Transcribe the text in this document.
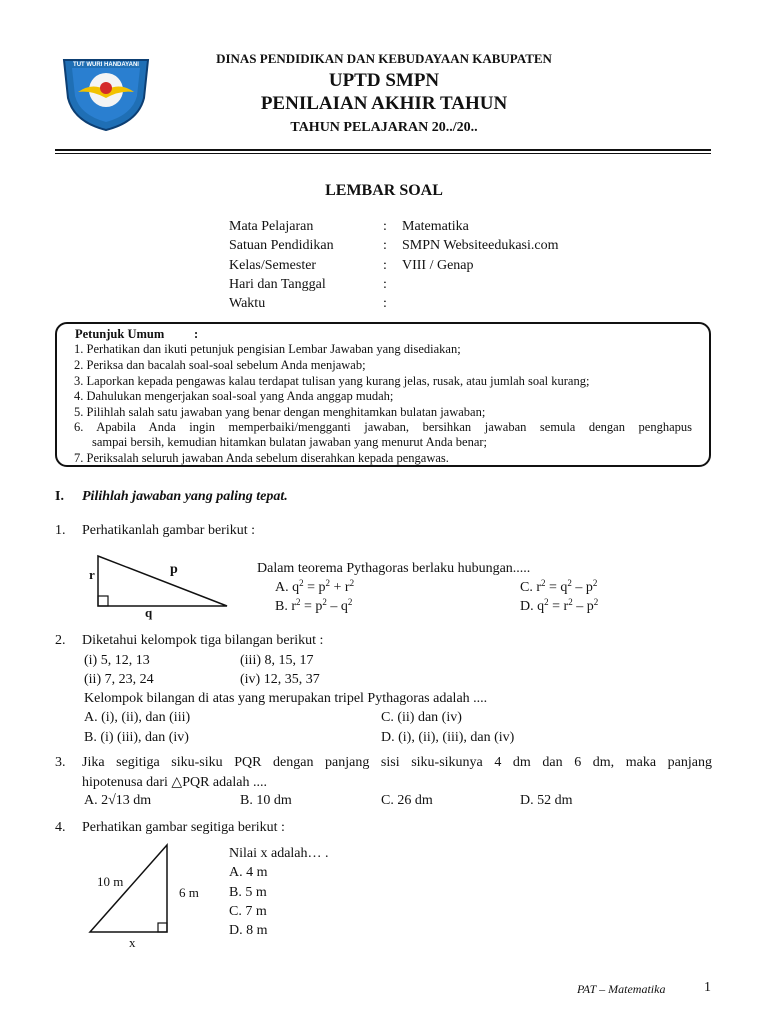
TUT WURI HANDAYANI	DINAS PENDIDIKAN DAN KEBUDAYAAN KABUPATEN
UPTD SMPN
PENILAIAN AKHIR TAHUN
TAHUN PELAJARAN 20../20..
LEMBAR SOAL
Mata Pelajaran	: Matematika
Satuan Pendidikan	: SMPN Websiteedukasi.com
Kelas/Semester	: VIII / Genap
Hari dan Tanggal	:
Waktu	:
Petunjuk Umum :
1. Perhatikan dan ikuti petunjuk pengisian Lembar Jawaban yang disediakan;
2. Periksa dan bacalah soal-soal sebelum Anda menjawab;
3. Laporkan kepada pengawas kalau terdapat tulisan yang kurang jelas, rusak, atau jumlah soal kurang;
4. Dahulukan mengerjakan soal-soal yang Anda anggap mudah;
5. Pilihlah salah satu jawaban yang benar dengan menghitamkan bulatan jawaban;
6. Apabila Anda ingin memperbaiki/mengganti jawaban, bersihkan jawaban semula dengan penghapus
sampai bersih, kemudian hitamkan bulatan jawaban yang menurut Anda benar;
7. Periksalah seluruh jawaban Anda sebelum diserahkan kepada pengawas.
I. Pilihlah jawaban yang paling tepat.
1. Perhatikanlah gambar berikut :
r	p
q
Dalam teorema Pythagoras berlaku hubungan.....
A. $q^2 = p^2 + r^2$	C. $r^2 = q^2 - p^2$
B. $r^2 = p^2 - q^2$	D. $q^2 = r^2 - p^2$
2. Diketahui kelompok tiga bilangan berikut :
(i) 5, 12, 13	(iii) 8, 15, 17
(ii) 7, 23, 24	(iv) 12, 35, 37
Kelompok bilangan di atas yang merupakan tripel Pythagoras adalah ....
A. (i), (ii), dan (iii)	C. (ii) dan (iv)
B. (i) (iii), dan (iv)	D. (i), (ii), (iii), dan (iv)
3. Jika segitiga siku-siku PQR dengan panjang sisi siku-sikunya 4 dm dan 6 dm, maka panjang
hipotenusa dari △PQR adalah ....
A. 2√13 dm	B. 10 dm	C. 26 dm	D. 52 dm
4. Perhatikan gambar segitiga berikut :
10 m
6 m
x
Nilai x adalah… .
A. 4 m
B. 5 m
C. 7 m
D. 8 m
PAT – Matematika	1
